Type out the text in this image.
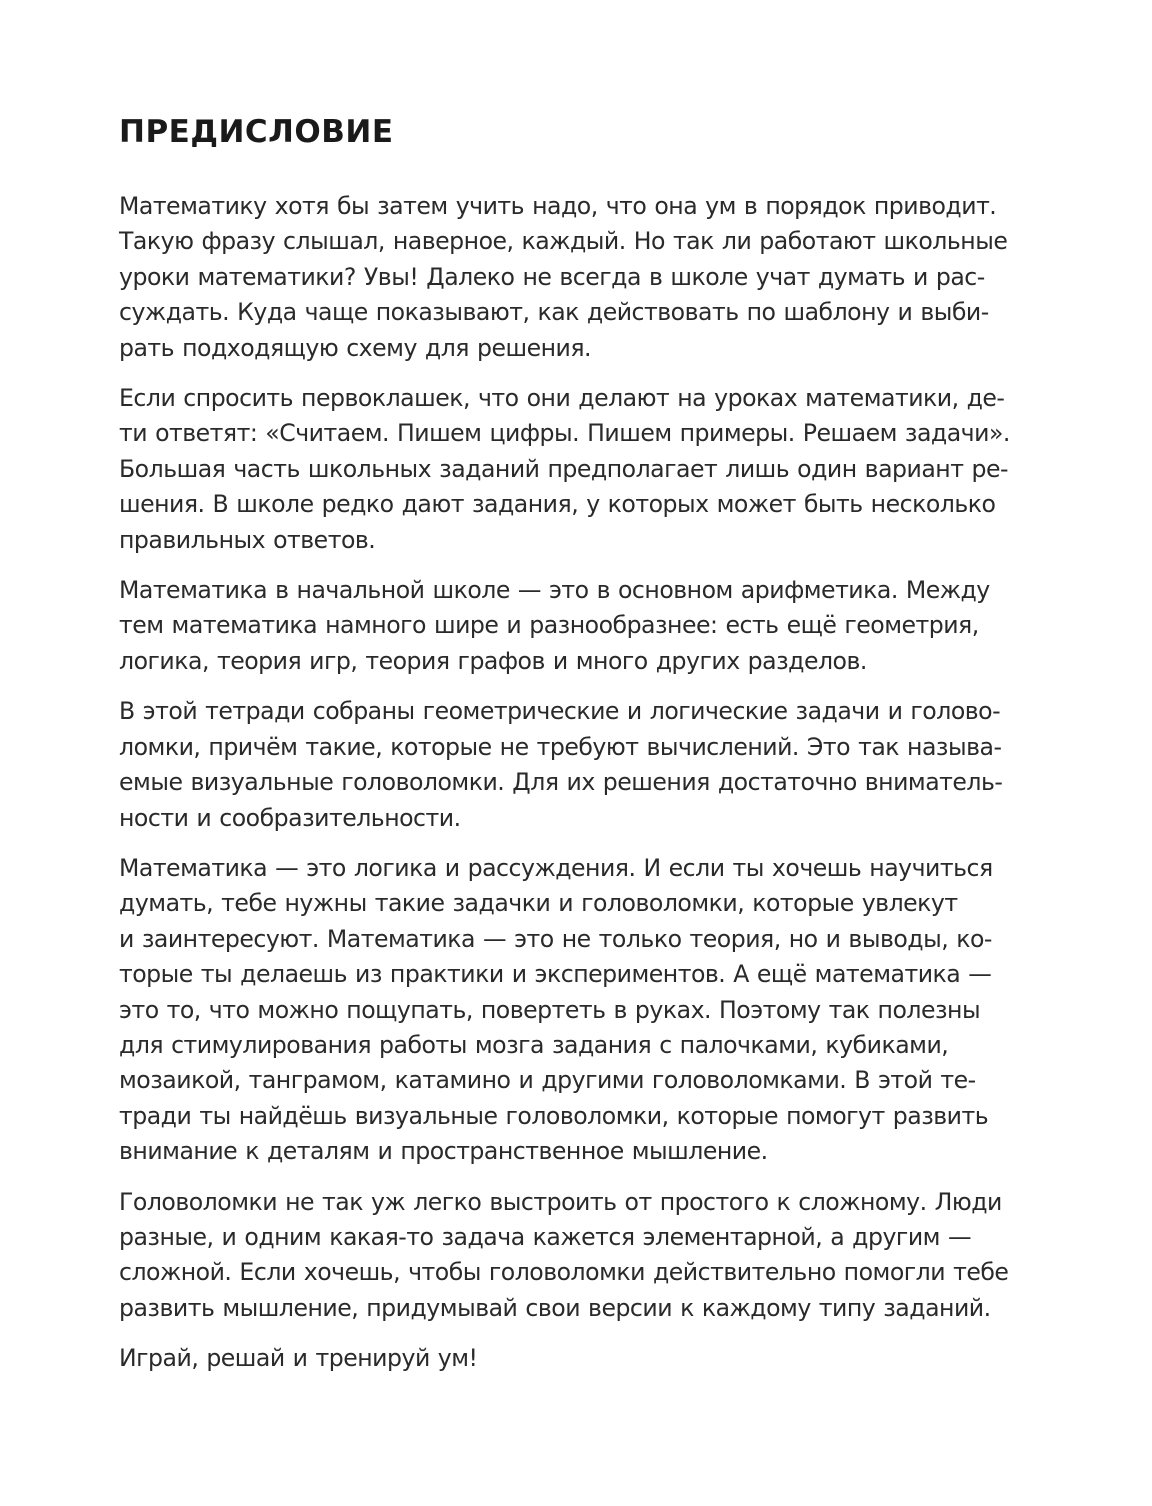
ПРЕДИСЛОВИЕ

Математику хотя бы затем учить надо, что она ум в порядок приводит.
Такую фразу слышал, наверное, каждый. Но так ли работают школьные
уроки математики? Увы! Далеко не всегда в школе учат думать и рас-
суждать. Куда чаще показывают, как действовать по шаблону и выби-
рать подходящую схему для решения.

Если спросить первоклашек, что они делают на уроках математики, де-
ти ответят: «Считаем. Пишем цифры. Пишем примеры. Решаем задачи».
Большая часть школьных заданий предполагает лишь один вариант ре-
шения. В школе редко дают задания, у которых может быть несколько
правильных ответов.

Математика в начальной школе — это в основном арифметика. Между
тем математика намного шире и разнообразнее: есть ещё геометрия,
логика, теория игр, теория графов и много других разделов.

В этой тетради собраны геометрические и логические задачи и голово-
ломки, причём такие, которые не требуют вычислений. Это так называ-
емые визуальные головоломки. Для их решения достаточно вниматель-
ности и сообразительности.

Математика — это логика и рассуждения. И если ты хочешь научиться
думать, тебе нужны такие задачки и головоломки, которые увлекут
и заинтересуют. Математика — это не только теория, но и выводы, ко-
торые ты делаешь из практики и экспериментов. А ещё математика —
это то, что можно пощупать, повертеть в руках. Поэтому так полезны
для стимулирования работы мозга задания с палочками, кубиками,
мозаикой, танграмом, катамино и другими головоломками. В этой те-
тради ты найдёшь визуальные головоломки, которые помогут развить
внимание к деталям и пространственное мышление.

Головоломки не так уж легко выстроить от простого к сложному. Люди
разные, и одним какая-то задача кажется элементарной, а другим —
сложной. Если хочешь, чтобы головоломки действительно помогли тебе
развить мышление, придумывай свои версии к каждому типу заданий.

Играй, решай и тренируй ум!
